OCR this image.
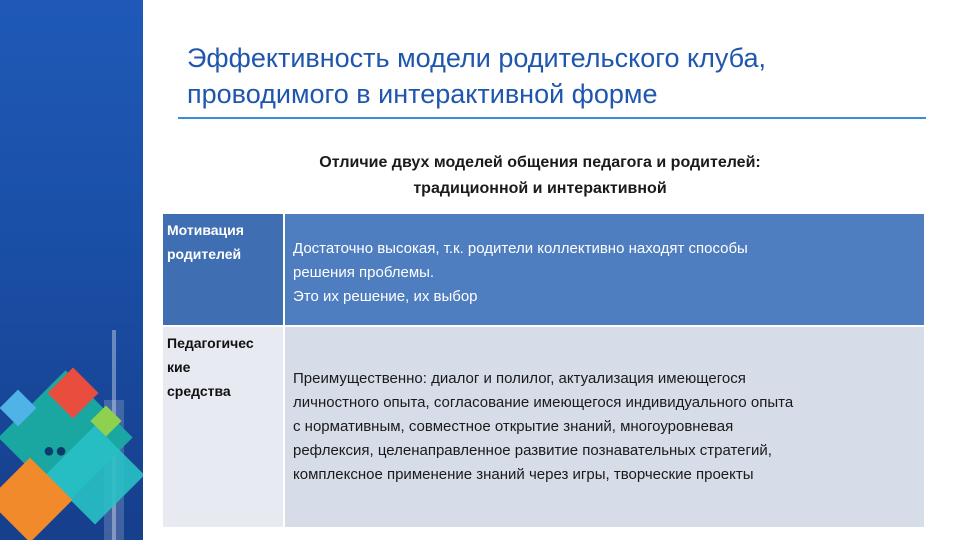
●●
Эффективность модели родительского клуба, проводимого в интерактивной форме
Отличие двух моделей общения педагога и родителей:
традиционной и интерактивной
Мотивация
родителей	Достаточно высокая, т.к. родители коллективно находят способы
решения проблемы.
Это их решение, их выбор
Педагогичес
кие
средства
Преимущественно: диалог и полилог, актуализация имеющегося
личностного опыта, согласование имеющегося индивидуального опыта
с нормативным, совместное открытие знаний, многоуровневая
рефлексия, целенаправленное развитие познавательных стратегий,
комплексное применение знаний через игры, творческие проекты
